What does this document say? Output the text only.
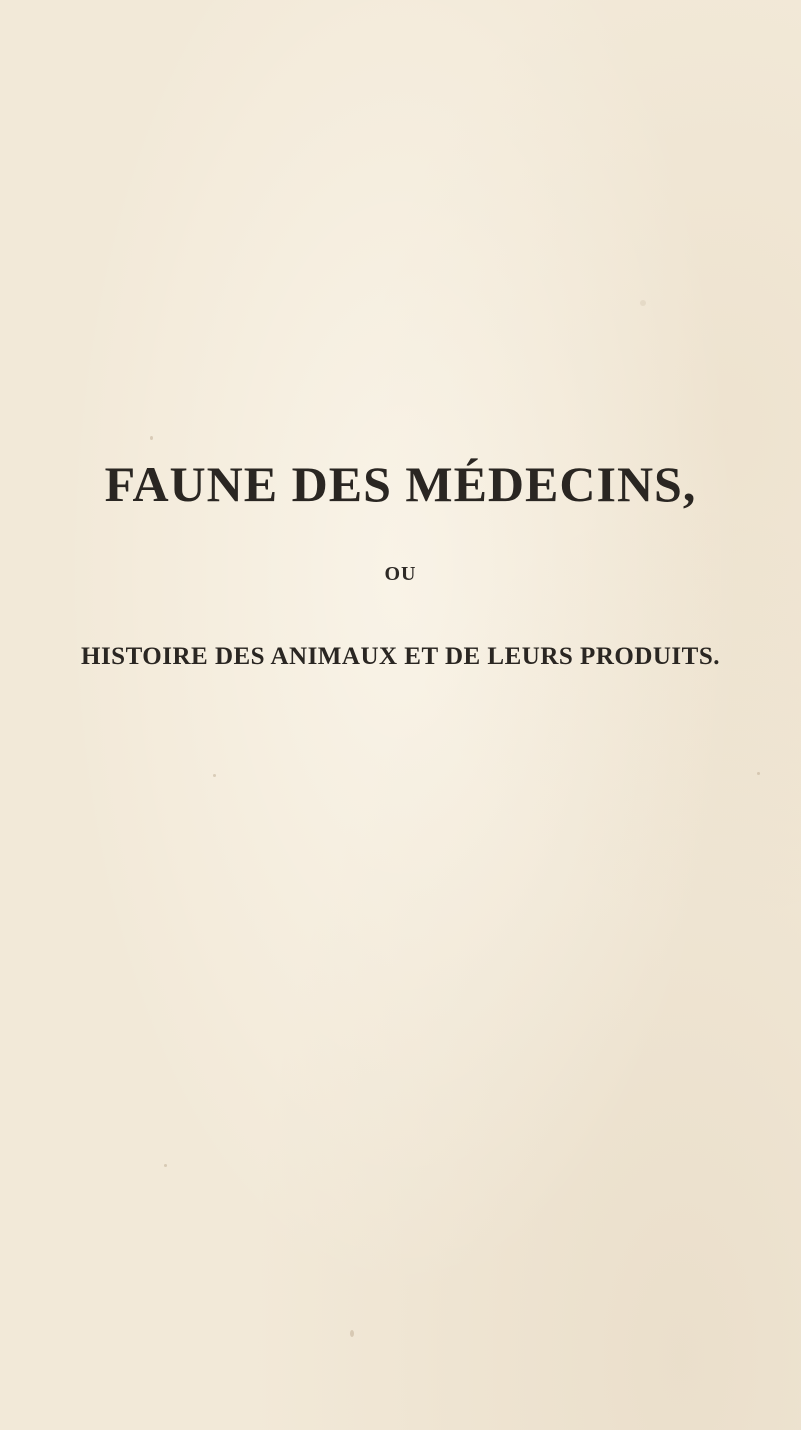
FAUNE DES MÉDECINS,
OU
HISTOIRE DES ANIMAUX ET DE LEURS PRODUITS.
